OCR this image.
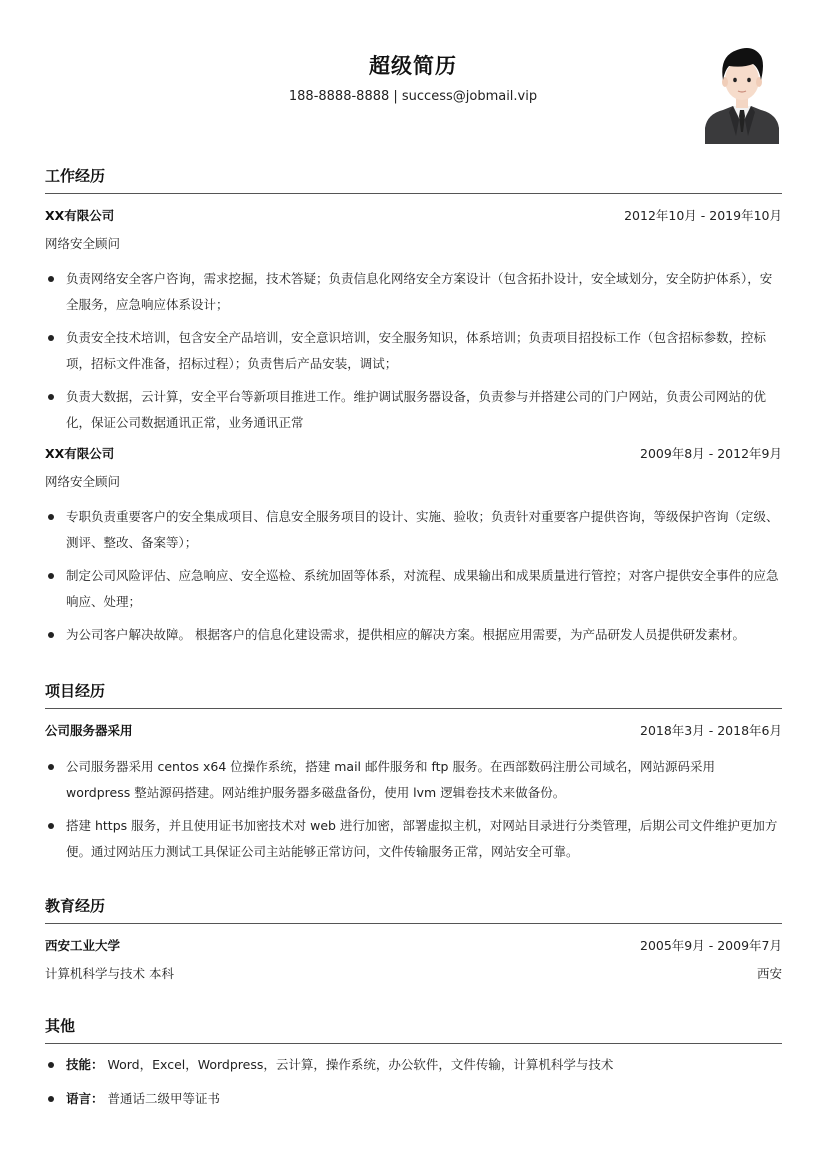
超级简历
188-8888-8888 | success@jobmail.vip
工作经历
XX有限公司	2012年10月 - 2019年10月
网络安全顾问
负责网络安全客户咨询，需求挖掘，技术答疑；负责信息化网络安全方案设计（包含拓扑设计，安全域划分，安全防护体系），安全服务，应急响应体系设计；
负责安全技术培训，包含安全产品培训，安全意识培训，安全服务知识，体系培训；负责项目招投标工作（包含招标参数，控标项，招标文件准备，招标过程）；负责售后产品安装，调试；
负责大数据，云计算，安全平台等新项目推进工作。维护调试服务器设备，负责参与并搭建公司的门户网站，负责公司网站的优化，保证公司数据通讯正常，业务通讯正常
XX有限公司	2009年8月 - 2012年9月
网络安全顾问
专职负责重要客户的安全集成项目、信息安全服务项目的设计、实施、验收；负责针对重要客户提供咨询，等级保护咨询（定级、测评、整改、备案等）；
制定公司风险评估、应急响应、安全巡检、系统加固等体系，对流程、成果输出和成果质量进行管控；对客户提供安全事件的应急响应、处理；
为公司客户解决故障。 根据客户的信息化建设需求，提供相应的解决方案。根据应用需要，为产品研发人员提供研发素材。
项目经历
公司服务器采用	2018年3月 - 2018年6月
公司服务器采用 centos x64 位操作系统，搭建 mail 邮件服务和 ftp 服务。在西部数码注册公司域名，网站源码采用 wordpress 整站源码搭建。网站维护服务器多磁盘备份，使用 lvm 逻辑卷技术来做备份。
搭建 https 服务，并且使用证书加密技术对 web 进行加密，部署虚拟主机，对网站目录进行分类管理，后期公司文件维护更加方便。通过网站压力测试工具保证公司主站能够正常访问，文件传输服务正常，网站安全可靠。
教育经历
西安工业大学	2005年9月 - 2009年7月
计算机科学与技术 本科	西安
其他
技能： Word，Excel，Wordpress，云计算，操作系统，办公软件，文件传输，计算机科学与技术
语言： 普通话二级甲等证书
